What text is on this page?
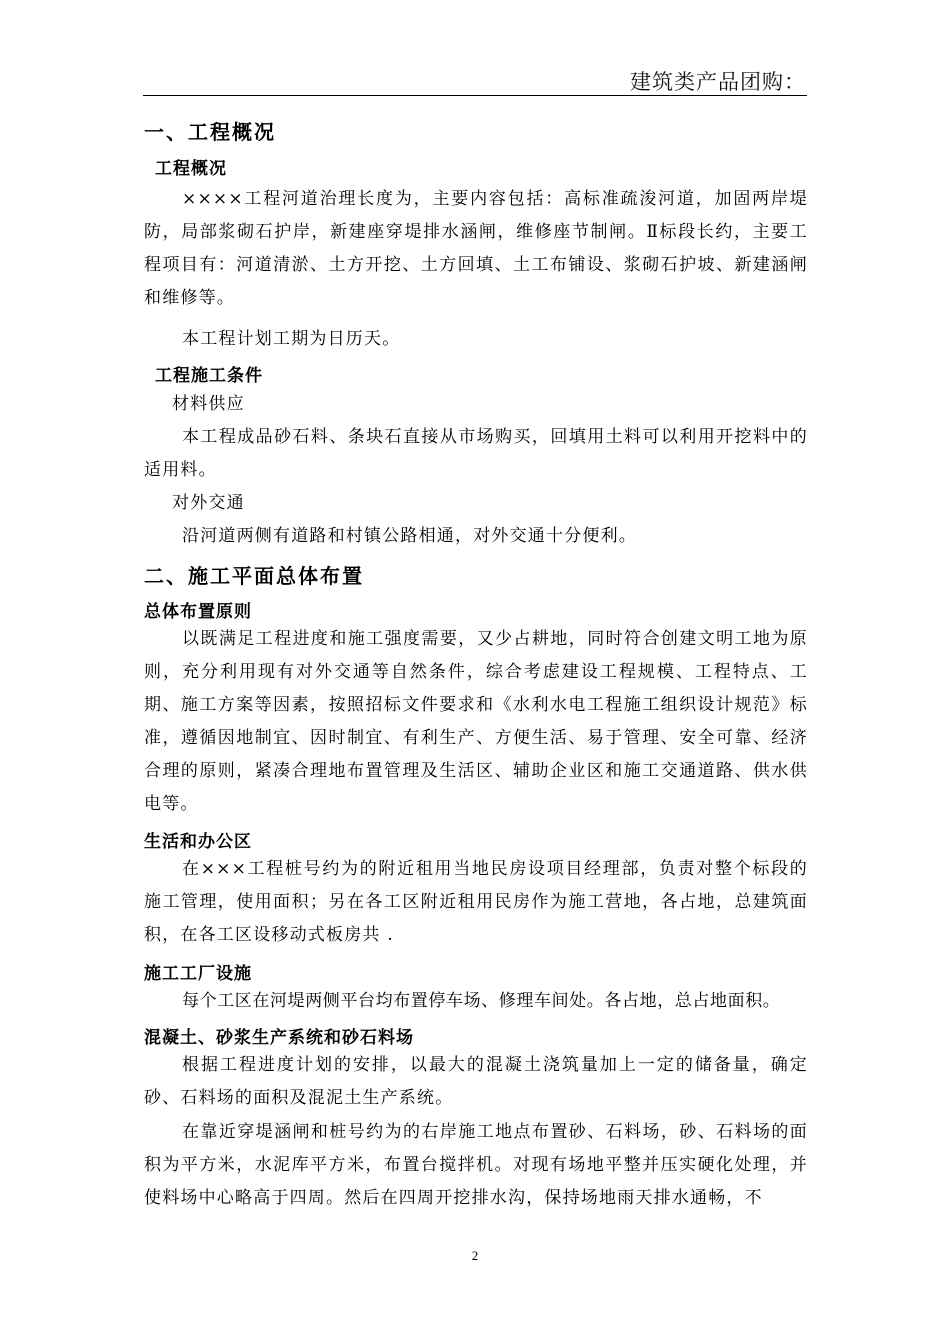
建筑类产品团购：
一、工程概况
工程概况
××××工程河道治理长度为，主要内容包括：高标准疏浚河道，加固两岸堤防，局部浆砌石护岸，新建座穿堤排水涵闸，维修座节制闸。Ⅱ标段长约，主要工程项目有：河道清淤、土方开挖、土方回填、土工布铺设、浆砌石护坡、新建涵闸和维修等。
本工程计划工期为日历天。
工程施工条件
材料供应
本工程成品砂石料、条块石直接从市场购买，回填用土料可以利用开挖料中的适用料。
对外交通
沿河道两侧有道路和村镇公路相通，对外交通十分便利。
二、施工平面总体布置
总体布置原则
以既满足工程进度和施工强度需要，又少占耕地，同时符合创建文明工地为原则，充分利用现有对外交通等自然条件，综合考虑建设工程规模、工程特点、工期、施工方案等因素，按照招标文件要求和《水利水电工程施工组织设计规范》标准，遵循因地制宜、因时制宜、有利生产、方便生活、易于管理、安全可靠、经济合理的原则，紧凑合理地布置管理及生活区、辅助企业区和施工交通道路、供水供电等。
生活和办公区
在×××工程桩号约为的附近租用当地民房设项目经理部，负责对整个标段的施工管理，使用面积；另在各工区附近租用民房作为施工营地，各占地，总建筑面积，在各工区设移动式板房共 .
施工工厂设施
每个工区在河堤两侧平台均布置停车场、修理车间处。各占地，总占地面积。
混凝土、砂浆生产系统和砂石料场
根据工程进度计划的安排，以最大的混凝土浇筑量加上一定的储备量，确定砂、石料场的面积及混泥土生产系统。
在靠近穿堤涵闸和桩号约为的右岸施工地点布置砂、石料场，砂、石料场的面积为平方米，水泥库平方米，布置台搅拌机。对现有场地平整并压实硬化处理，并使料场中心略高于四周。然后在四周开挖排水沟，保持场地雨天排水通畅，不
2
